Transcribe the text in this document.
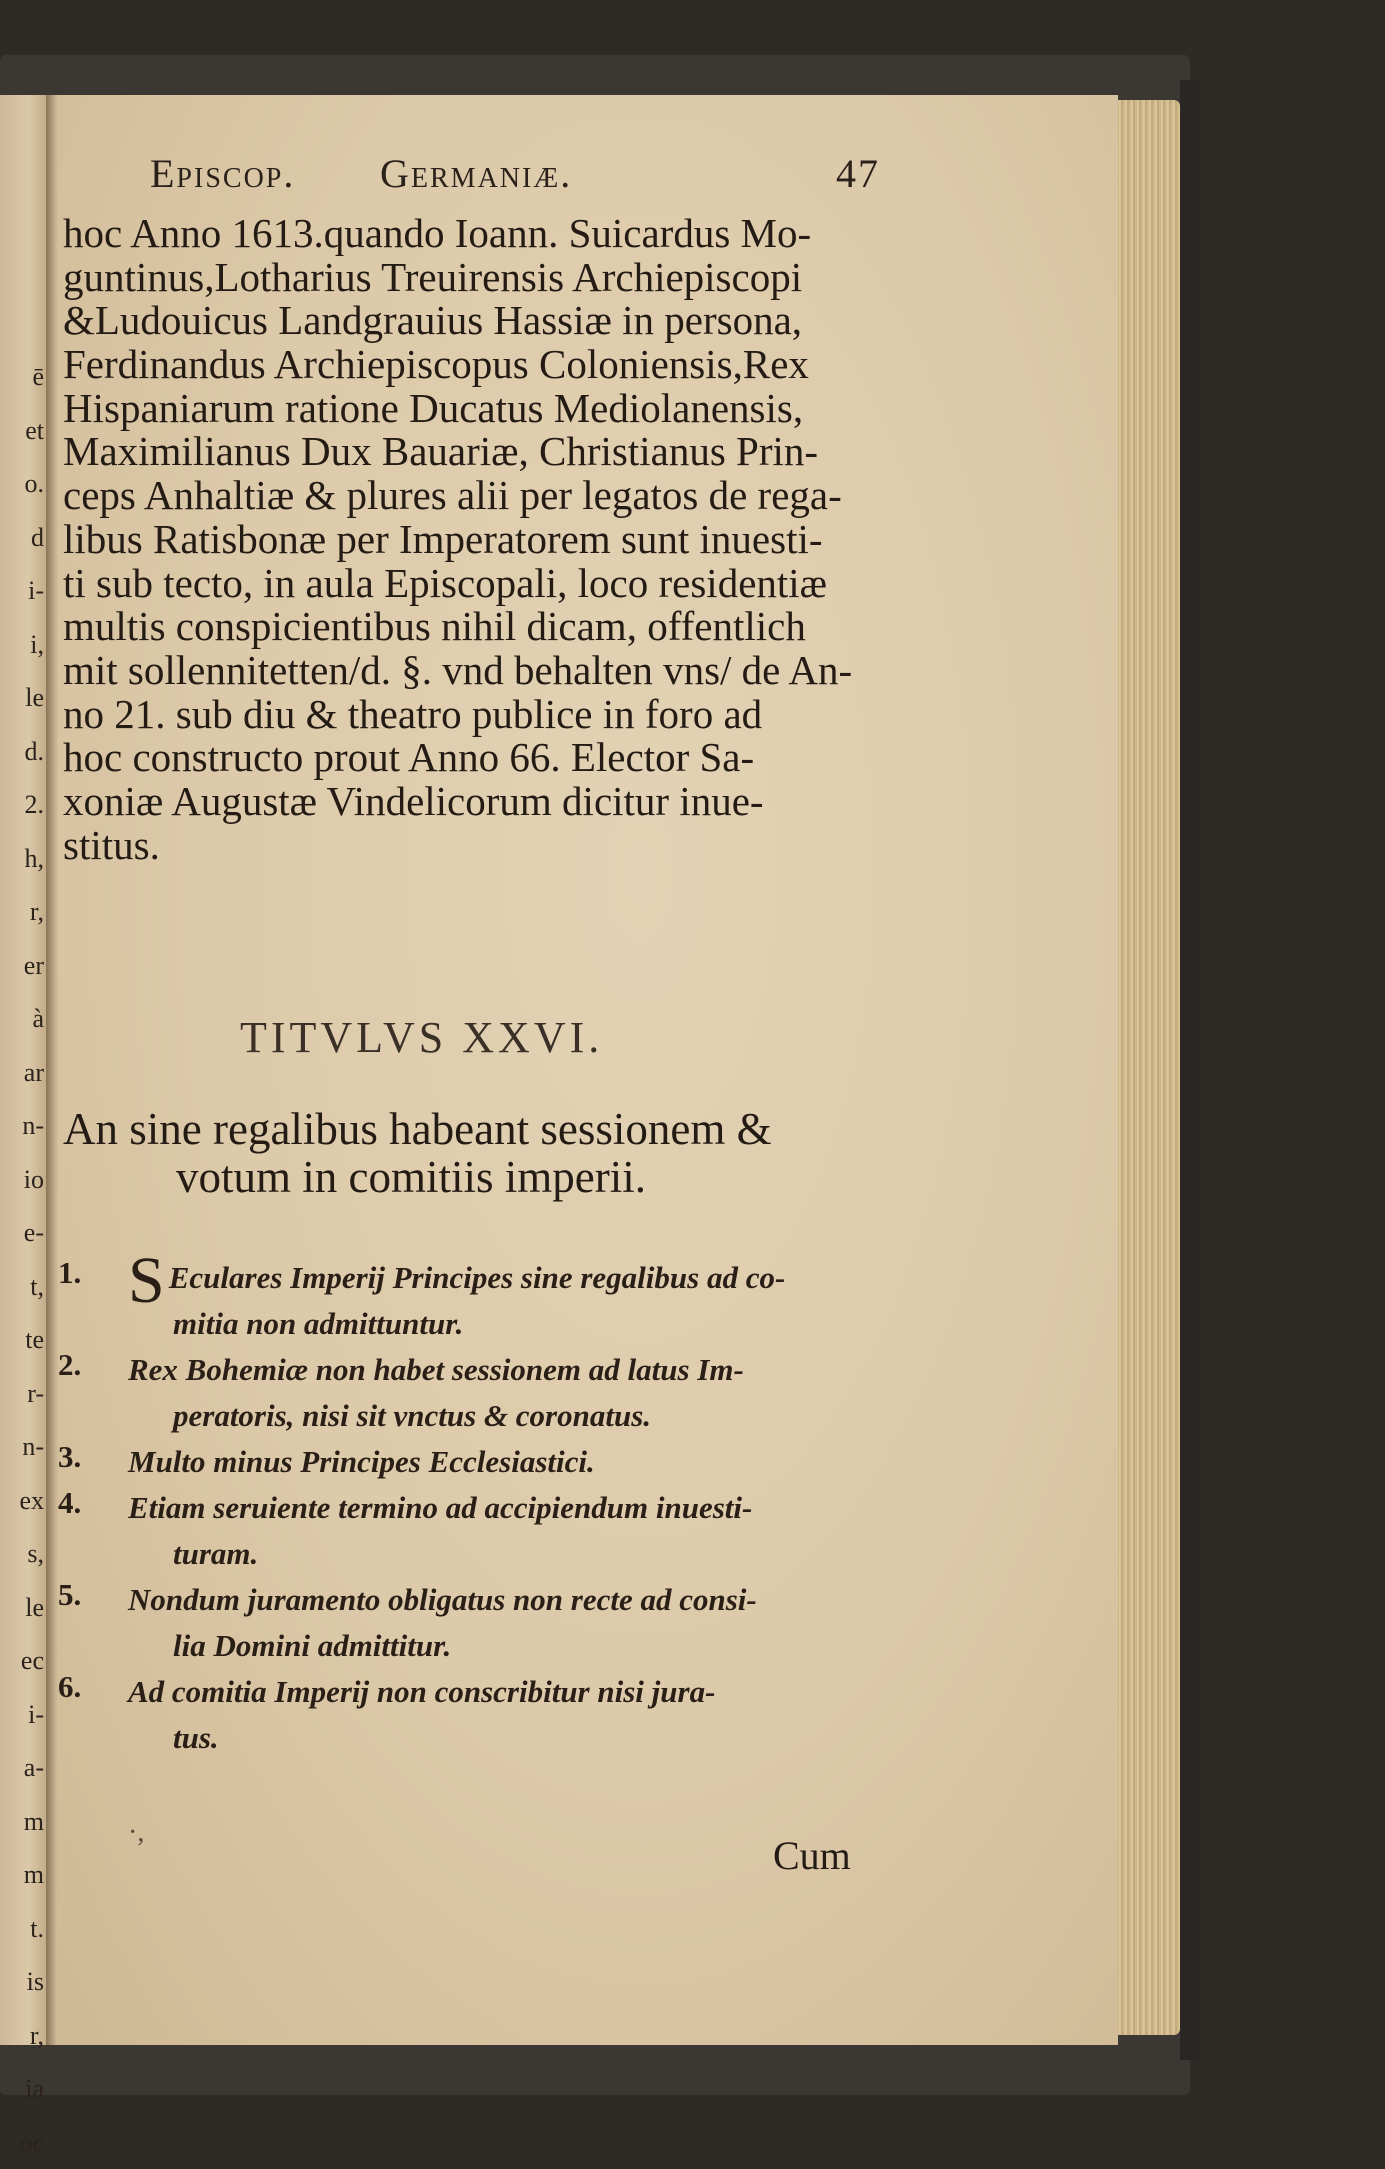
ē
et
o.
d
i-
i,
le
d.
2.
h,
r,
er
à
ar
n-
io
e-
t,
te
r-
n-
ex
s,
le
ec
i-
a-
m
m
t.
is
r,
ia
oc
Episcop. Germaniæ.	47
hoc Anno 1613.quando Ioann. Suicardus Mo-
guntinus,Lotharius Treuirensis Archiepiscopi
&Ludouicus Landgrauius Hassiæ in persona,
Ferdinandus Archiepiscopus Coloniensis,Rex
Hispaniarum ratione Ducatus Mediolanensis,
Maximilianus Dux Bauariæ, Christianus Prin-
ceps Anhaltiæ & plures alii per legatos de rega-
libus Ratisbonæ per Imperatorem sunt inuesti-
ti sub tecto, in aula Episcopali, loco residentiæ
multis conspicientibus nihil dicam, offentlich
mit sollennitetten/d. §. vnd behalten vns/ de An-
no 21. sub diu & theatro publice in foro ad
hoc constructo prout Anno 66. Elector Sa-
xoniæ Augustæ Vindelicorum dicitur inue-
stitus.
TITVLVS XXVI.
An sine regalibus habeant sessionem &
votum in comitiis imperii.
1. S Eculares Imperij Principes sine regalibus ad co-
mitia non admittuntur.
2. Rex Bohemiæ non habet sessionem ad latus Im-
peratoris, nisi sit vnctus & coronatus.
3. Multo minus Principes Ecclesiastici.
4. Etiam seruiente termino ad accipiendum inuesti-
turam.
5. Nondum juramento obligatus non recte ad consi-
lia Domini admittitur.
6. Ad comitia Imperij non conscribitur nisi jura-
tus.
·,
Cum
